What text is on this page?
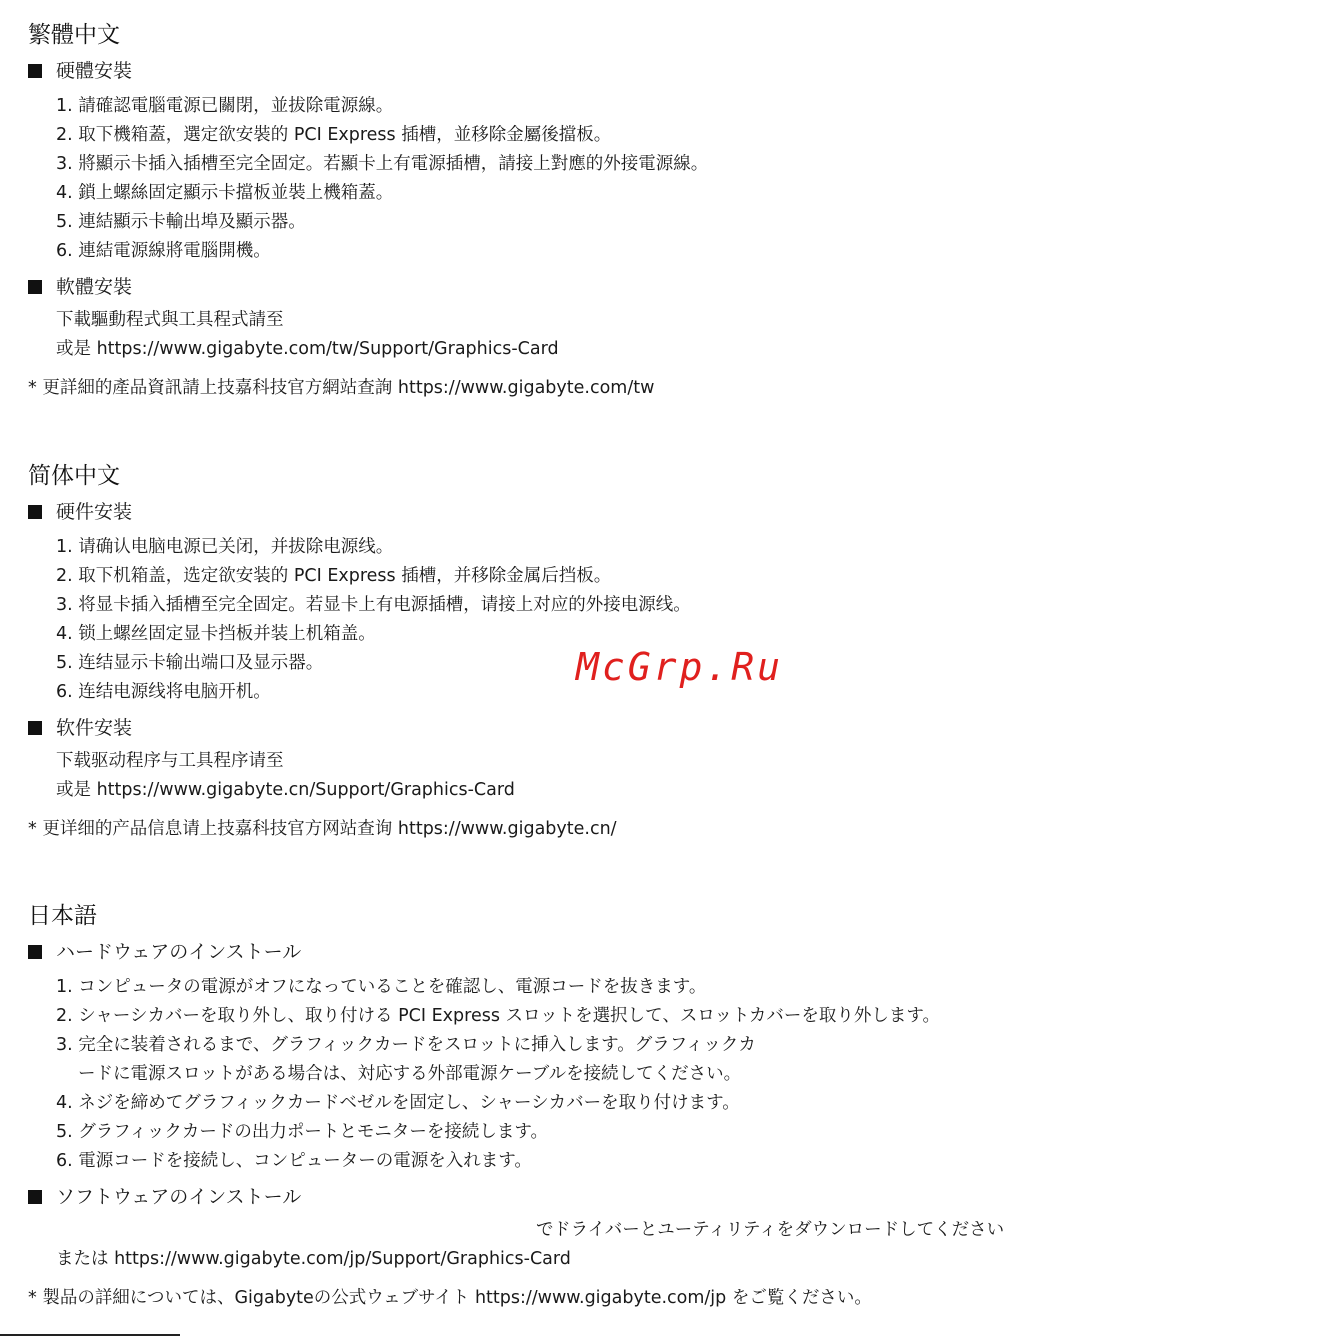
繁體中文
硬體安裝
1. 請確認電腦電源已關閉，並拔除電源線。
2. 取下機箱蓋，選定欲安裝的 PCI Express 插槽，並移除金屬後擋板。
3. 將顯示卡插入插槽至完全固定。若顯卡上有電源插槽，請接上對應的外接電源線。
4. 鎖上螺絲固定顯示卡擋板並裝上機箱蓋。
5. 連結顯示卡輸出埠及顯示器。
6. 連結電源線將電腦開機。
軟體安裝
下載驅動程式與工具程式請至
或是 https://www.gigabyte.com/tw/Support/Graphics-Card
* 更詳細的產品資訊請上技嘉科技官方網站查詢 https://www.gigabyte.com/tw
简体中文
硬件安装
1. 请确认电脑电源已关闭，并拔除电源线。
2. 取下机箱盖，选定欲安装的 PCI Express 插槽，并移除金属后挡板。
3. 将显卡插入插槽至完全固定。若显卡上有电源插槽，请接上对应的外接电源线。
4. 锁上螺丝固定显卡挡板并装上机箱盖。
5. 连结显示卡输出端口及显示器。
6. 连结电源线将电脑开机。
软件安装
下载驱动程序与工具程序请至
或是 https://www.gigabyte.cn/Support/Graphics-Card
* 更详细的产品信息请上技嘉科技官方网站查询 https://www.gigabyte.cn/
日本語
ハードウェアのインストール
1. コンピュータの電源がオフになっていることを確認し、電源コードを抜きます。
2. シャーシカバーを取り外し、取り付ける PCI Express スロットを選択して、スロットカバーを取り外します。
3. 完全に装着されるまで、グラフィックカードをスロットに挿入します。グラフィックカ
ードに電源スロットがある場合は、対応する外部電源ケーブルを接続してください。
4. ネジを締めてグラフィックカードベゼルを固定し、シャーシカバーを取り付けます。
5. グラフィックカードの出力ポートとモニターを接続します。
6. 電源コードを接続し、コンピューターの電源を入れます。
ソフトウェアのインストール
でドライバーとユーティリティをダウンロードしてください
または https://www.gigabyte.com/jp/Support/Graphics-Card
* 製品の詳細については、Gigabyteの公式ウェブサイト https://www.gigabyte.com/jp をご覧ください。
McGrp.Ru
